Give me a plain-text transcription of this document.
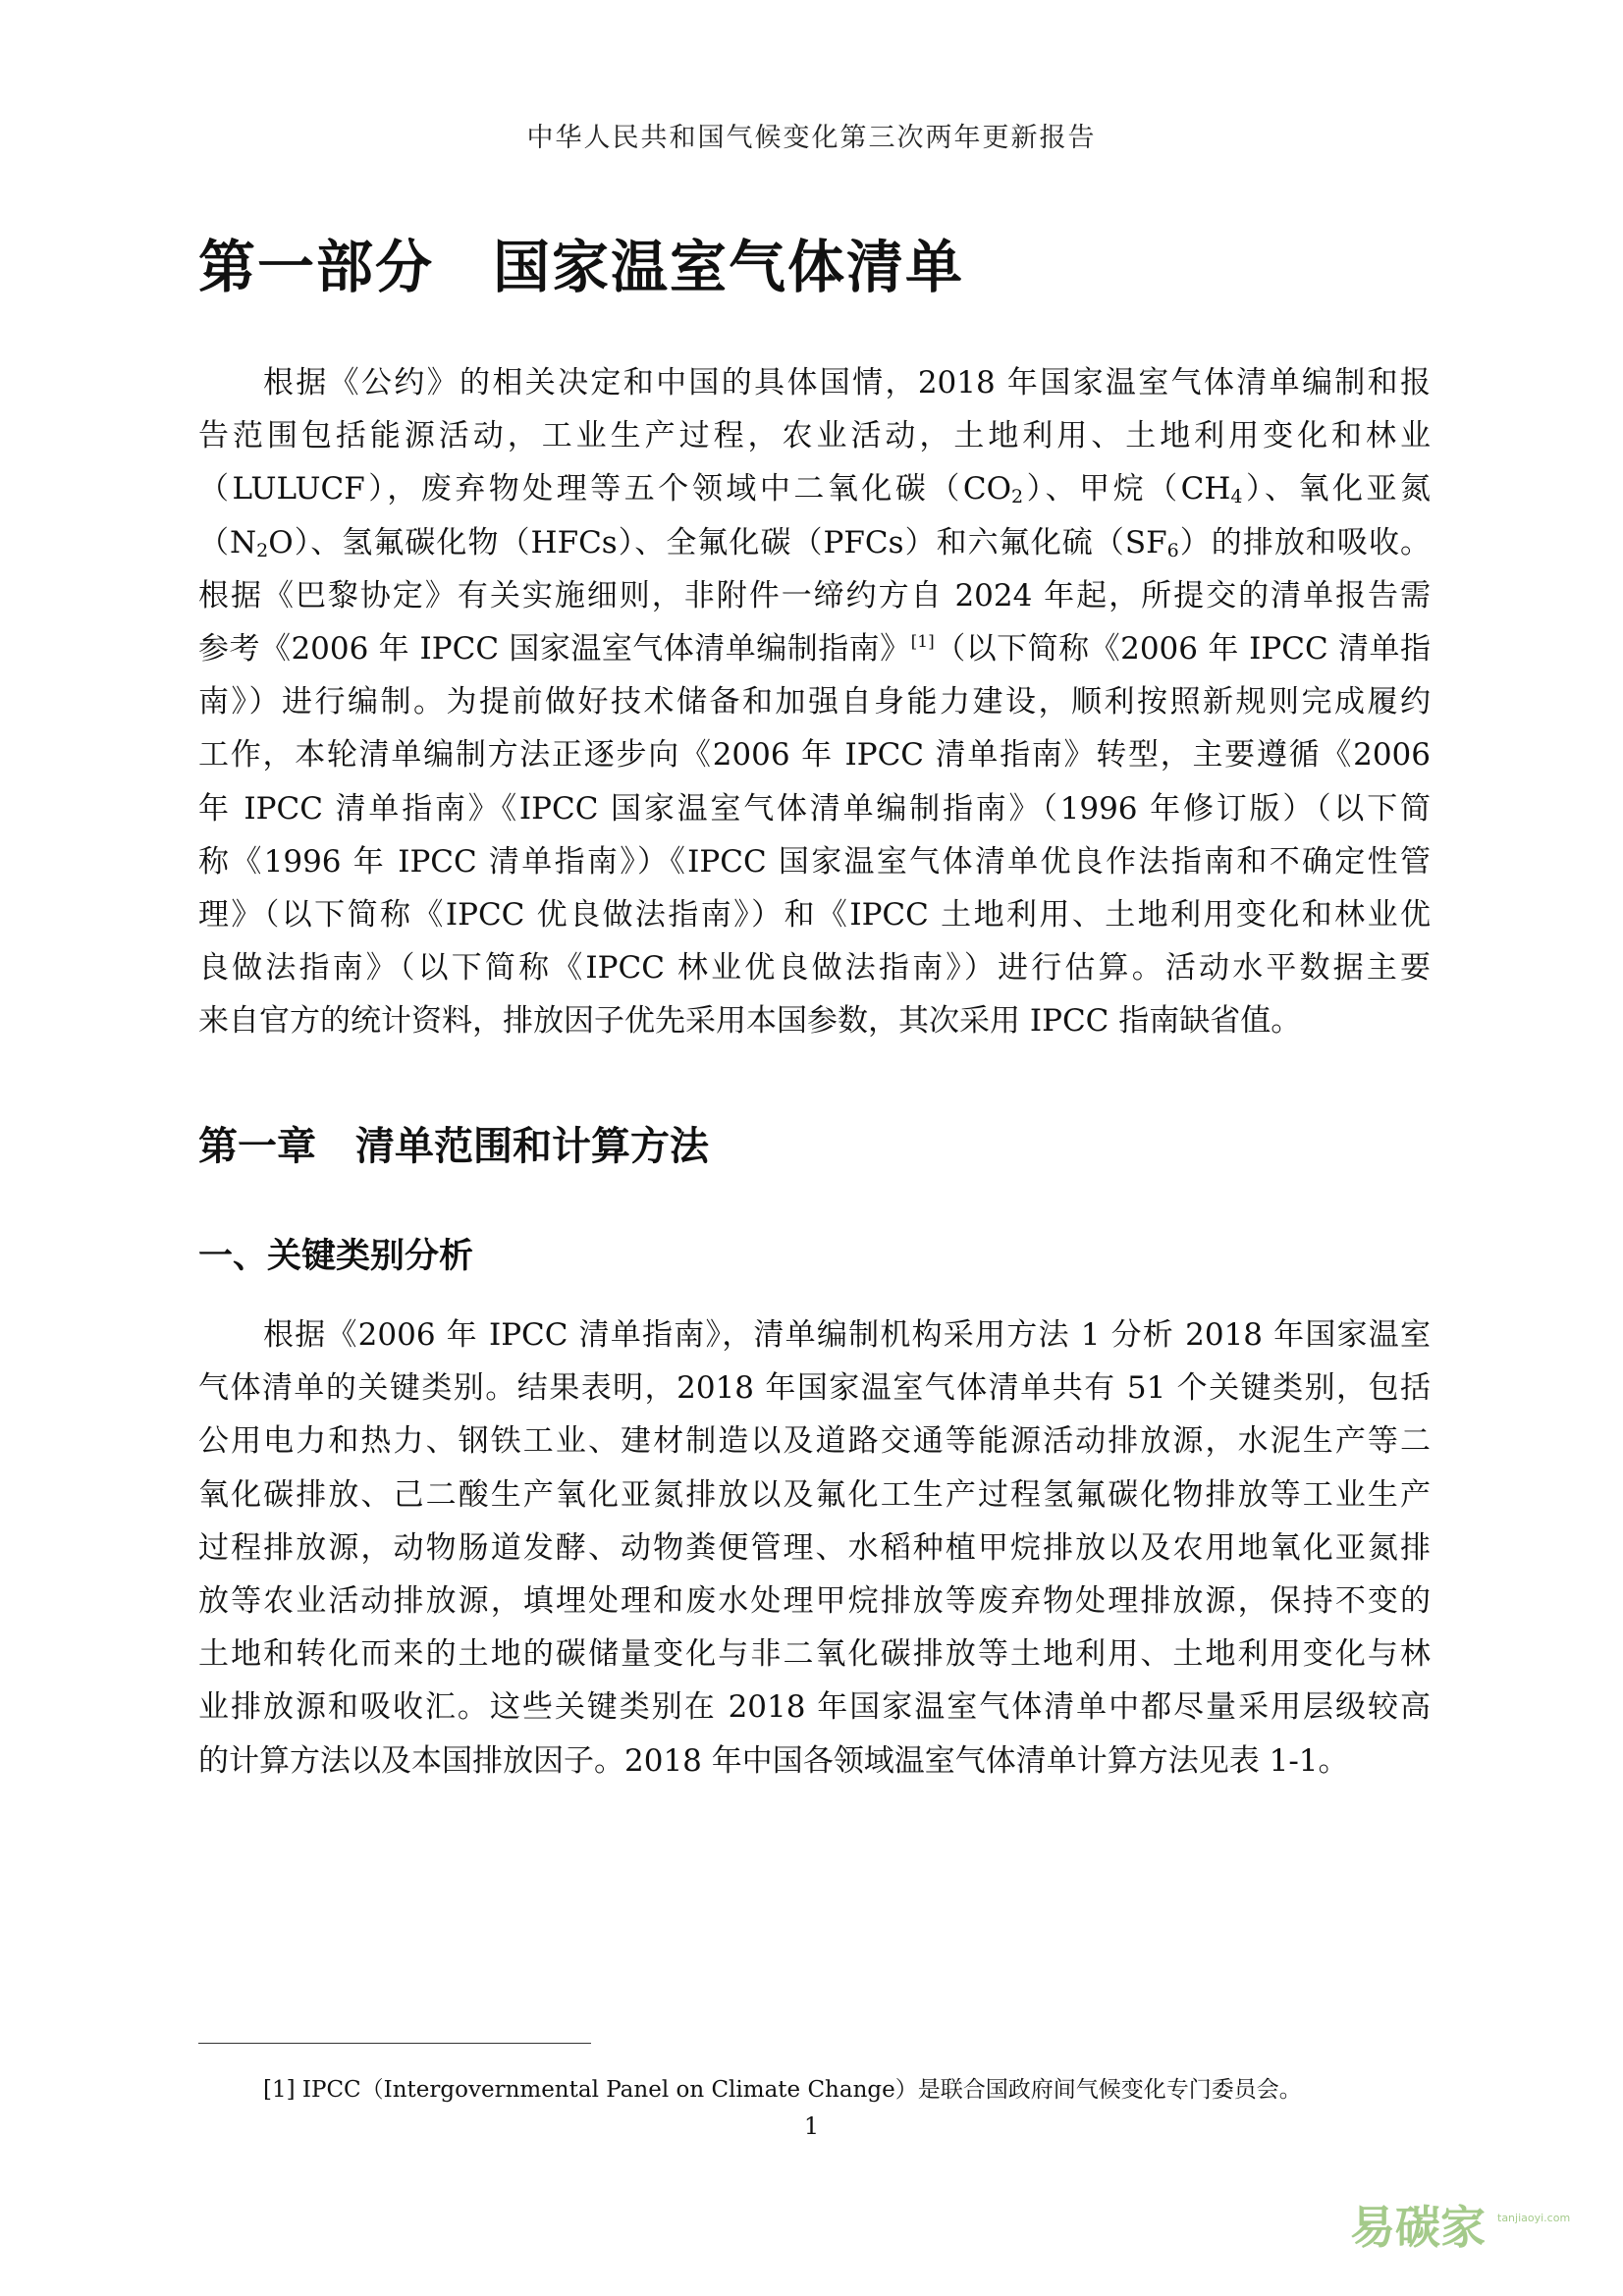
中华人民共和国气候变化第三次两年更新报告
第一部分　国家温室气体清单
根据《公约》的相关决定和中国的具体国情，2018 年国家温室气体清单编制和报
告范围包括能源活动，工业生产过程，农业活动，土地利用、土地利用变化和林业
（LULUCF），废弃物处理等五个领域中二氧化碳$(CO_2)$、甲烷$(CH_4)$、氧化亚氮
$(N_2O)$、氢氟碳化物（HFCs）、全氟化碳（PFCs）和六氟化硫$(SF_6)$的排放和吸收。
根据《巴黎协定》有关实施细则，非附件一缔约方自 2024 年起，所提交的清单报告需
参考《2006 年 IPCC 国家温室气体清单编制指南》[1]（以下简称《2006 年 IPCC 清单指
南》）进行编制。为提前做好技术储备和加强自身能力建设，顺利按照新规则完成履约
工作，本轮清单编制方法正逐步向《2006 年 IPCC 清单指南》转型，主要遵循《2006
年 IPCC 清单指南》《IPCC 国家温室气体清单编制指南》（1996 年修订版）（以下简
称《1996 年 IPCC 清单指南》）《IPCC 国家温室气体清单优良作法指南和不确定性管
理》（以下简称《IPCC 优良做法指南》）和《IPCC 土地利用、土地利用变化和林业优
良做法指南》（以下简称《IPCC 林业优良做法指南》）进行估算。活动水平数据主要
来自官方的统计资料，排放因子优先采用本国参数，其次采用 IPCC 指南缺省值。
第一章　清单范围和计算方法
一、关键类别分析
根据《2006 年 IPCC 清单指南》，清单编制机构采用方法 1 分析 2018 年国家温室
气体清单的关键类别。结果表明，2018 年国家温室气体清单共有 51 个关键类别，包括
公用电力和热力、钢铁工业、建材制造以及道路交通等能源活动排放源，水泥生产等二
氧化碳排放、己二酸生产氧化亚氮排放以及氟化工生产过程氢氟碳化物排放等工业生产
过程排放源，动物肠道发酵、动物粪便管理、水稻种植甲烷排放以及农用地氧化亚氮排
放等农业活动排放源，填埋处理和废水处理甲烷排放等废弃物处理排放源，保持不变的
土地和转化而来的土地的碳储量变化与非二氧化碳排放等土地利用、土地利用变化与林
业排放源和吸收汇。这些关键类别在 2018 年国家温室气体清单中都尽量采用层级较高
的计算方法以及本国排放因子。2018 年中国各领域温室气体清单计算方法见表 1-1。
[1] IPCC（Intergovernmental Panel on Climate Change）是联合国政府间气候变化专门委员会。
1
易碳家 tanjiaoyi.com
